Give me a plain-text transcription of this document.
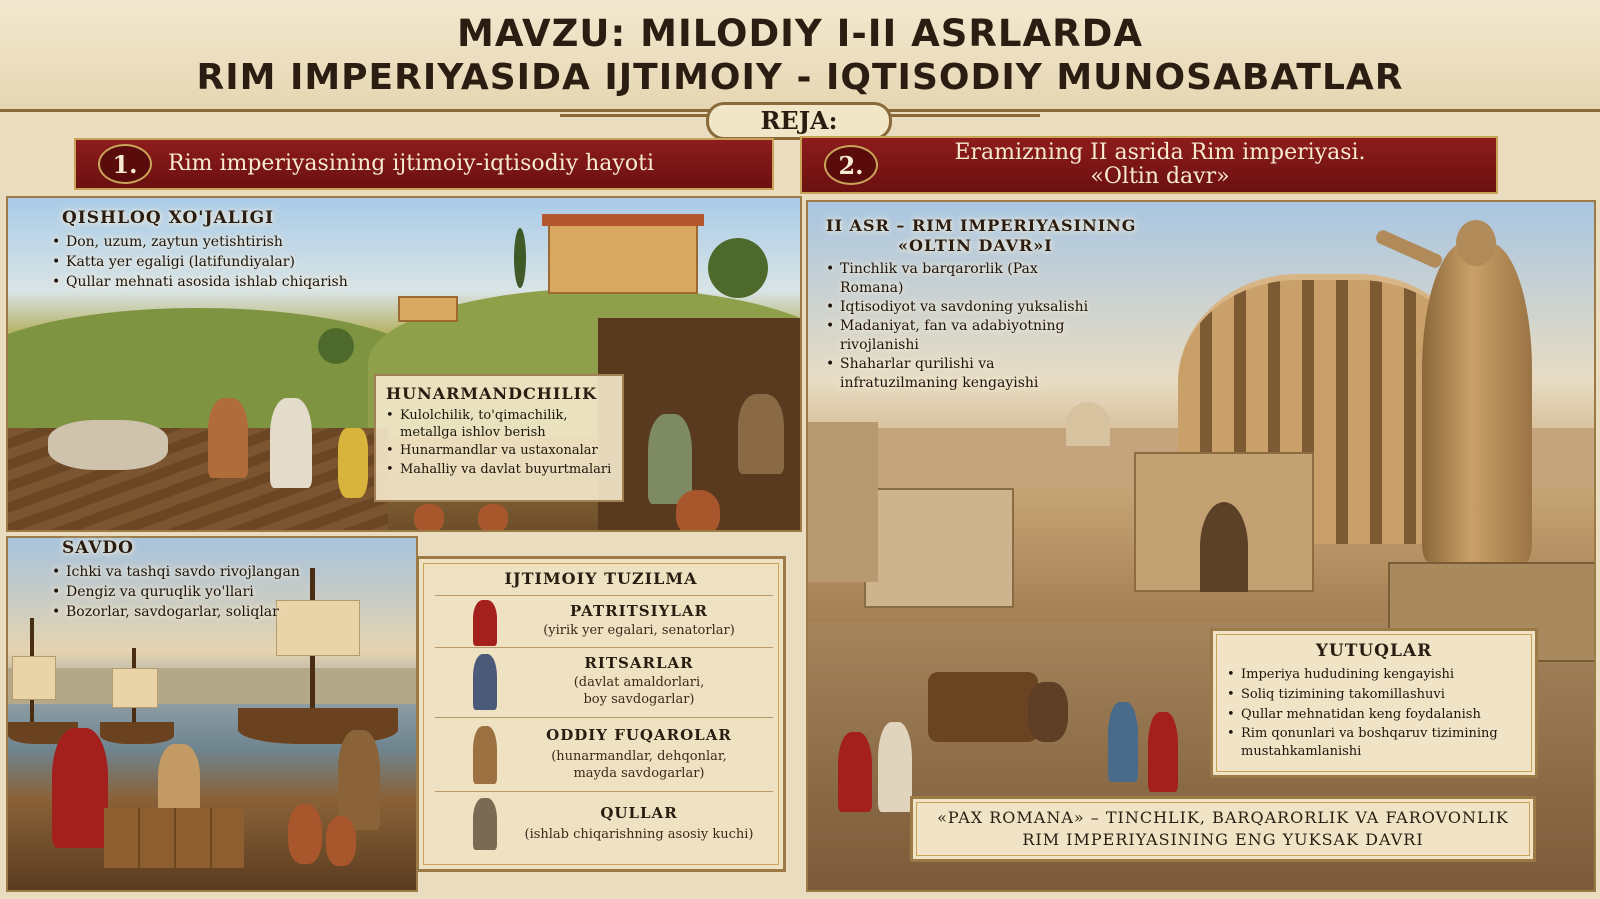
MAVZU: MILODIY I-II ASRLARDA
RIM IMPERIYASIDA IJTIMOIY - IQTISODIY MUNOSABATLAR
REJA:
1.	Rim imperiyasining ijtimoiy-iqtisodiy hayoti	2.	Eramizning II asrida Rim imperiyasi.
«Oltin davr»
QISHLOQ XO'JALIGI
• Don, uzum, zaytun yetishtirish
• Katta yer egaligi (latifundiyalar)
• Qullar mehnati asosida ishlab chiqarish
HUNARMANDCHILIK
• Kulolchilik, to'qimachilik, metallga ishlov berish
• Hunarmandlar va ustaxonalar
• Mahalliy va davlat buyurtmalari
SAVDO
• Ichki va tashqi savdo rivojlangan
• Dengiz va quruqlik yo'llari
• Bozorlar, savdogarlar, soliqlar
IJTIMOIY TUZILMA
PATRITSIYLAR
(yirik yer egalari, senatorlar)
RITSARLAR
(davlat amaldorlari,
boy savdogarlar)
ODDIY FUQAROLAR
(hunarmandlar, dehqonlar,
mayda savdogarlar)
QULLAR
(ishlab chiqarishning asosiy kuchi)
II ASR – RIM IMPERIYASINING
«OLTIN DAVR»I
• Tinchlik va barqarorlik (Pax Romana)
• Iqtisodiyot va savdoning yuksalishi
• Madaniyat, fan va adabiyotning rivojlanishi
• Shaharlar qurilishi va infratuzilmaning kengayishi
YUTUQLAR
• Imperiya hududining kengayishi
• Soliq tizimining takomillashuvi
• Qullar mehnatidan keng foydalanish
• Rim qonunlari va boshqaruv tizimining mustahkamlanishi
«PAX ROMANA» – TINCHLIK, BARQARORLIK VA FAROVONLIK
RIM IMPERIYASINING ENG YUKSAK DAVRI
